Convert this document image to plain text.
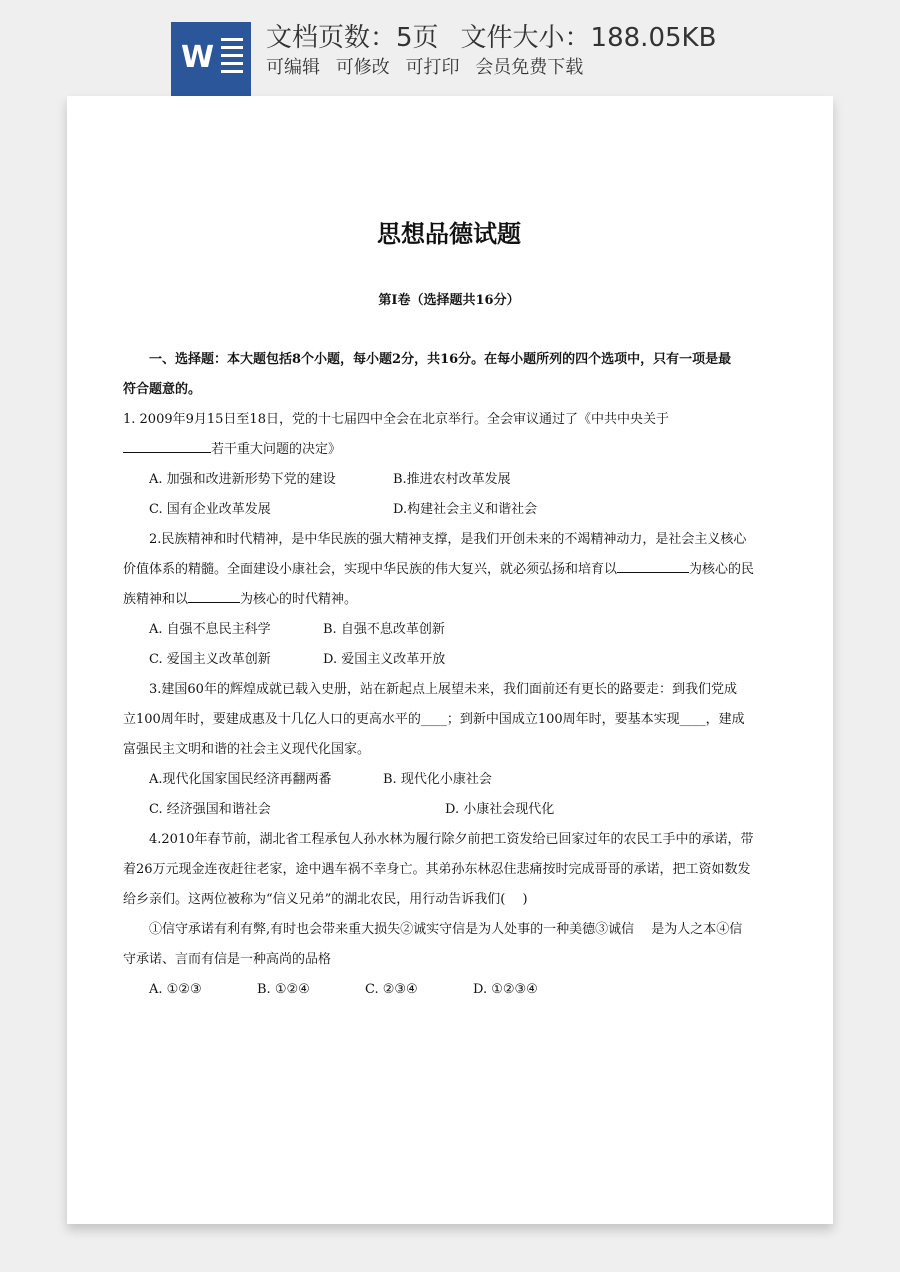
W
文档页数：5页 文件大小：188.05KB
可编辑 可修改 可打印 会员免费下载
思想品德试题
第Ⅰ卷（选择题共16分）
一、选择题：本大题包括8个小题，每小题2分，共16分。在每小题所列的四个选项中，只有一项是最
符合题意的。
1. 2009年9月15日至18日，党的十七届四中全会在北京举行。全会审议通过了《中共中央关于
若干重大问题的决定》
A. 加强和改进新形势下党的建设	B.推进农村改革发展
C. 国有企业改革发展	D.构建社会主义和谐社会
2.民族精神和时代精神，是中华民族的强大精神支撑，是我们开创未来的不竭精神动力，是社会主义核心
价值体系的精髓。全面建设小康社会，实现中华民族的伟大复兴，就必须弘扬和培育以	为核心的民
族精神和以	为核心的时代精神。
A. 自强不息民主科学	B. 自强不息改革创新
C. 爱国主义改革创新	D. 爱国主义改革开放
3.建国60年的辉煌成就已载入史册，站在新起点上展望未来，我们面前还有更长的路要走：到我们党成
立100周年时，要建成惠及十几亿人口的更高水平的____；到新中国成立100周年时，要基本实现____，建成
富强民主文明和谐的社会主义现代化国家。
A.现代化国家国民经济再翻两番	B. 现代化小康社会
C. 经济强国和谐社会	D. 小康社会现代化
4.2010年春节前，湖北省工程承包人孙水林为履行除夕前把工资发给已回家过年的农民工手中的承诺，带
着26万元现金连夜赶往老家，途中遇车祸不幸身亡。其弟孙东林忍住悲痛按时完成哥哥的承诺，把工资如数发
给乡亲们。这两位被称为“信义兄弟”的湖北农民，用行动告诉我们(　 )
①信守承诺有利有弊,有时也会带来重大损失②诚实守信是为人处事的一种美德③诚信　 是为人之本④信
守承诺、言而有信是一种高尚的品格
A. ①②③	B. ①②④	C. ②③④	D. ①②③④
